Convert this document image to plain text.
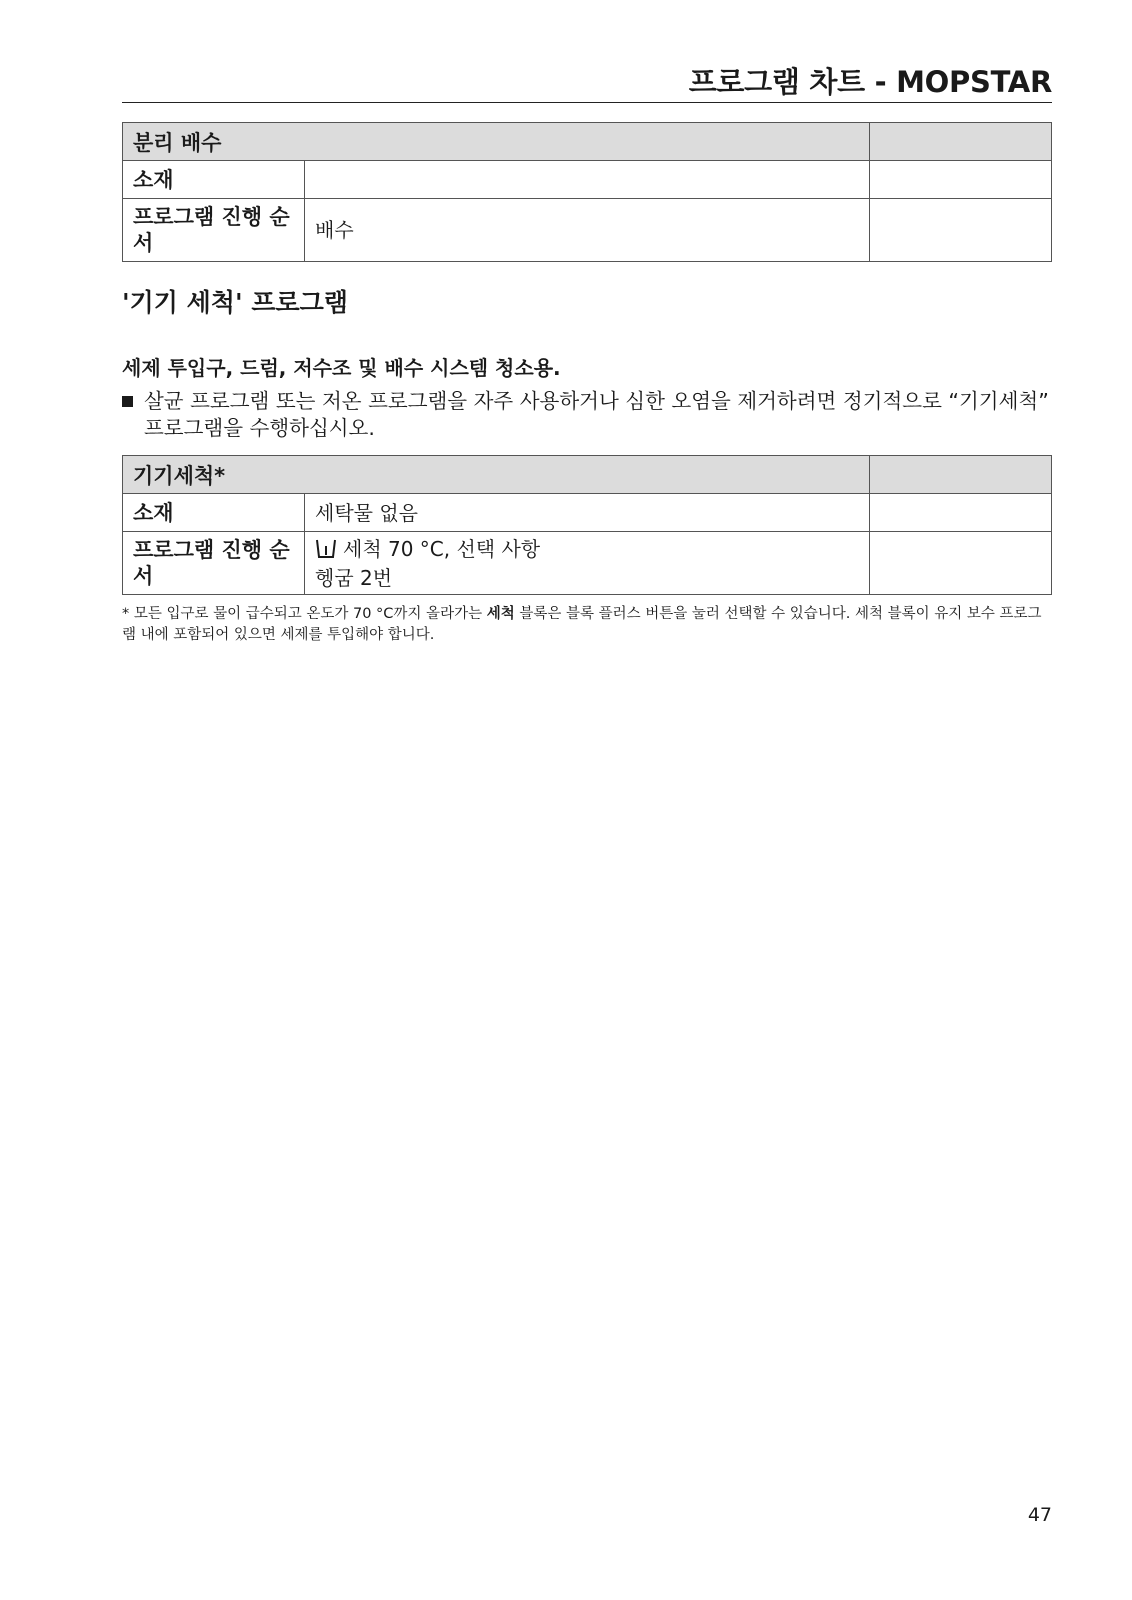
프로그램 차트 - MOPSTAR
분리 배수		
소재		
프로그램 진행 순서	배수	
'기기 세척' 프로그램
세제 투입구, 드럼, 저수조 및 배수 시스템 청소용.
살균 프로그램 또는 저온 프로그램을 자주 사용하거나 심한 오염을 제거하려면 정기적으로 “기기세척” 프로그램을 수행하십시오.
기기세척*		
소재	세탁물 없음	
프로그램 진행 순서	세척 70 °C, 선택 사항
헹굼 2번	

* 모든 입구로 물이 급수되고 온도가 70 °C까지 올라가는 세척 블록은 블록 플러스 버튼을 눌러 선택할 수 있습니다. 세척 블록이 유지 보수 프로그램 내에 포함되어 있으면 세제를 투입해야 합니다.
47
